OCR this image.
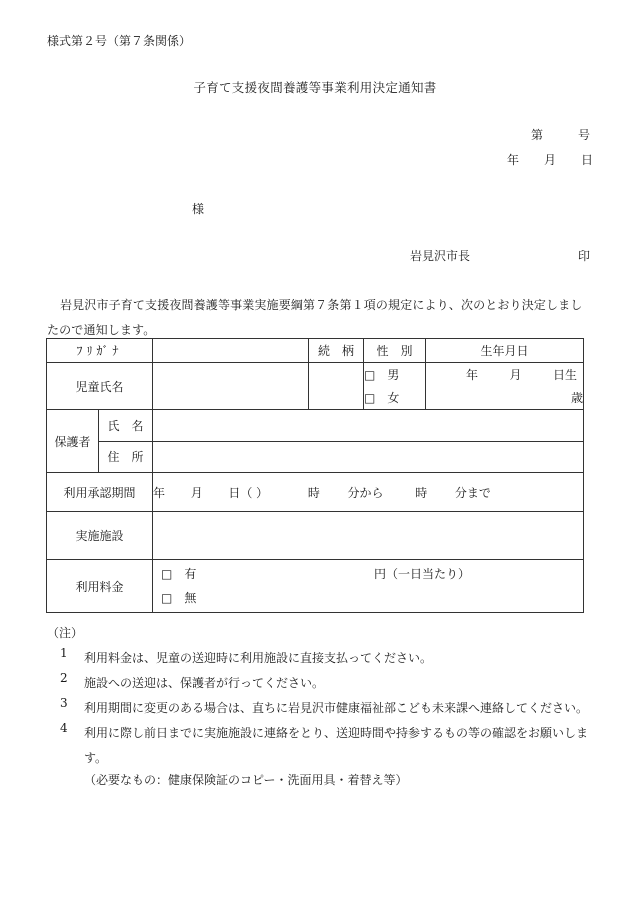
様式第２号（第７条関係）
子育て支援夜間養護等事業利用決定通知書
第	号
年 月 日
様
岩見沢市長	印
岩見沢市子育て支援夜間養護等事業実施要綱第７条第１項の規定により、次のとおり決定しましたので通知します。
ﾌﾘｶﾞﾅ			続　柄	性　別	生年月日
児童氏名				□　男	年 月 日生

				□　女	歳
保護者	氏　名				
	住　所				
利用承認期間		年 月 日（ ） 時 分から 時 分まで			
実施施設					
利用料金		□　有 円（一日当たり）
□　無			
（注）
1 利用料金は、児童の送迎時に利用施設に直接支払ってください。
2 施設への送迎は、保護者が行ってください。
3 利用期間に変更のある場合は、直ちに岩見沢市健康福祉部こども未来課へ連絡してください。
4 利用に際し前日までに実施施設に連絡をとり、送迎時間や持参するもの等の確認をお願いします。
（必要なもの：健康保険証のコピー・洗面用具・着替え等）
